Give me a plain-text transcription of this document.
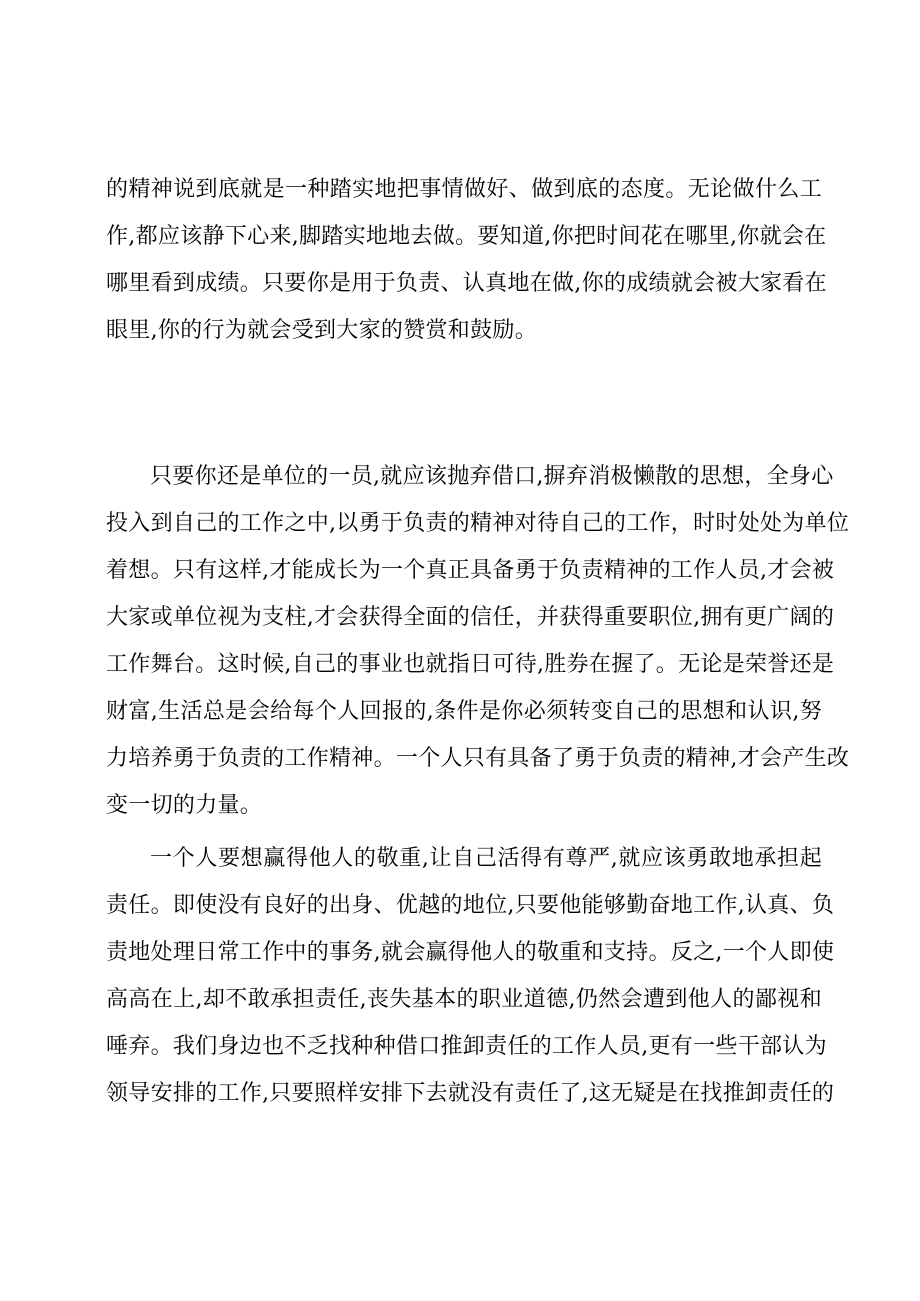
的精神说到底就是一种踏实地把事情做好、做到底的态度。无论做什么工
作,都应该静下心来,脚踏实地地去做。要知道,你把时间花在哪里,你就会在
哪里看到成绩。只要你是用于负责、认真地在做,你的成绩就会被大家看在
眼里,你的行为就会受到大家的赞赏和鼓励。
只要你还是单位的一员,就应该抛弃借口,摒弃消极懒散的思想，全身心
投入到自己的工作之中,以勇于负责的精神对待自己的工作，时时处处为单位
着想。只有这样,才能成长为一个真正具备勇于负责精神的工作人员,才会被
大家或单位视为支柱,才会获得全面的信任，并获得重要职位,拥有更广阔的
工作舞台。这时候,自己的事业也就指日可待,胜券在握了。无论是荣誉还是
财富,生活总是会给每个人回报的,条件是你必须转变自己的思想和认识,努
力培养勇于负责的工作精神。一个人只有具备了勇于负责的精神,才会产生改
变一切的力量。
一个人要想赢得他人的敬重,让自己活得有尊严,就应该勇敢地承担起
责任。即使没有良好的出身、优越的地位,只要他能够勤奋地工作,认真、负
责地处理日常工作中的事务,就会赢得他人的敬重和支持。反之,一个人即使
高高在上,却不敢承担责任,丧失基本的职业道德,仍然会遭到他人的鄙视和
唾弃。我们身边也不乏找种种借口推卸责任的工作人员,更有一些干部认为
领导安排的工作,只要照样安排下去就没有责任了,这无疑是在找推卸责任的
